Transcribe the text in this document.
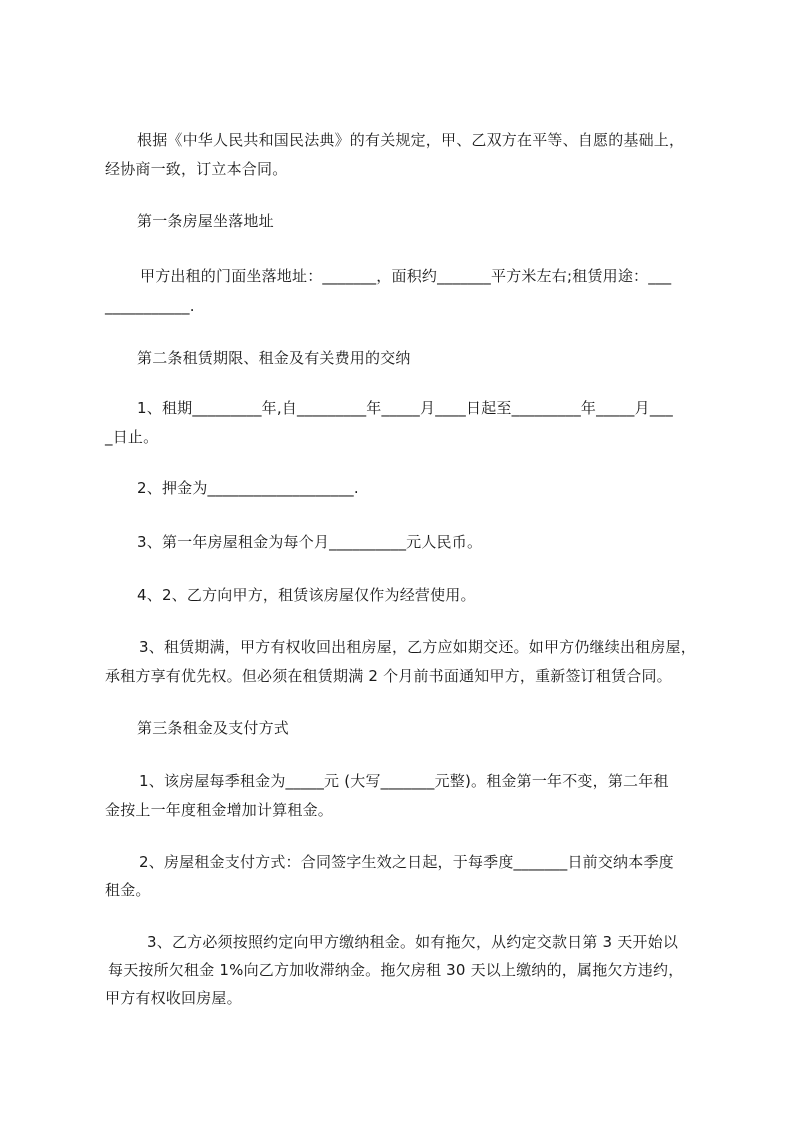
根据《中华人民共和国民法典》的有关规定，甲、乙双方在平等、自愿的基础上，
经协商一致，订立本合同。
第一条房屋坐落地址
甲方出租的门面坐落地址：_______，面积约_______平方米左右;租赁用途：___
___________.
第二条租赁期限、租金及有关费用的交纳
1、租期_________年,自_________年_____月____日起至_________年_____月___
_日止。
2、押金为___________________.
3、第一年房屋租金为每个月__________元人民币。
4、2、乙方向甲方，租赁该房屋仅作为经营使用。
3、租赁期满，甲方有权收回出租房屋，乙方应如期交还。如甲方仍继续出租房屋，
承租方享有优先权。但必须在租赁期满 2 个月前书面通知甲方，重新签订租赁合同。
第三条租金及支付方式
1、该房屋每季租金为_____元 (大写_______元整)。租金第一年不变，第二年租
金按上一年度租金增加计算租金。
2、房屋租金支付方式：合同签字生效之日起，于每季度_______日前交纳本季度
租金。
3、乙方必须按照约定向甲方缴纳租金。如有拖欠，从约定交款日第 3 天开始以
每天按所欠租金 1%向乙方加收滞纳金。拖欠房租 30 天以上缴纳的，属拖欠方违约，
甲方有权收回房屋。
